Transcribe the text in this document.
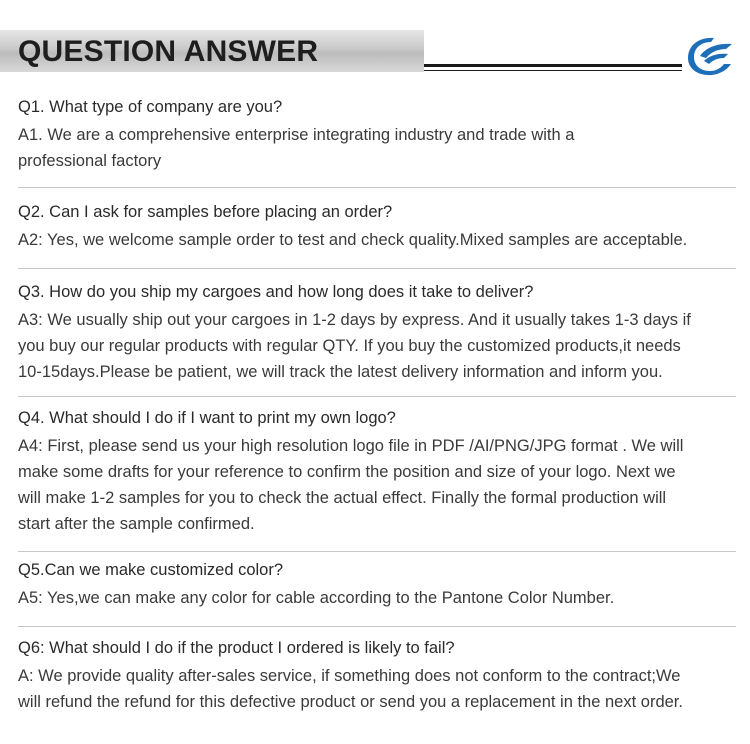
QUESTION ANSWER

Q1. What type of company are you?

A1. We are a comprehensive enterprise integrating industry and trade with a
professional factory

Q2. Can I ask for samples before placing an order?

A2: Yes, we welcome sample order to test and check quality.Mixed samples are acceptable.

Q3. How do you ship my cargoes and how long does it take to deliver?

A3: We usually ship out your cargoes in 1-2 days by express. And it usually takes 1-3 days if
you buy our regular products with regular QTY. If you buy the customized products,it needs
10-15days.Please be patient, we will track the latest delivery information and inform you.

Q4. What should I do if I want to print my own logo?

A4: First, please send us your high resolution logo file in PDF /AI/PNG/JPG format . We will
make some drafts for your reference to confirm the position and size of your logo. Next we
will make 1-2 samples for you to check the actual effect. Finally the formal production will
start after the sample confirmed.

Q5.Can we make customized color?

A5: Yes,we can make any color for cable according to the Pantone Color Number.

Q6: What should I do if the product I ordered is likely to fail?

A: We provide quality after-sales service, if something does not conform to the contract;We
will refund the refund for this defective product or send you a replacement in the next order.
